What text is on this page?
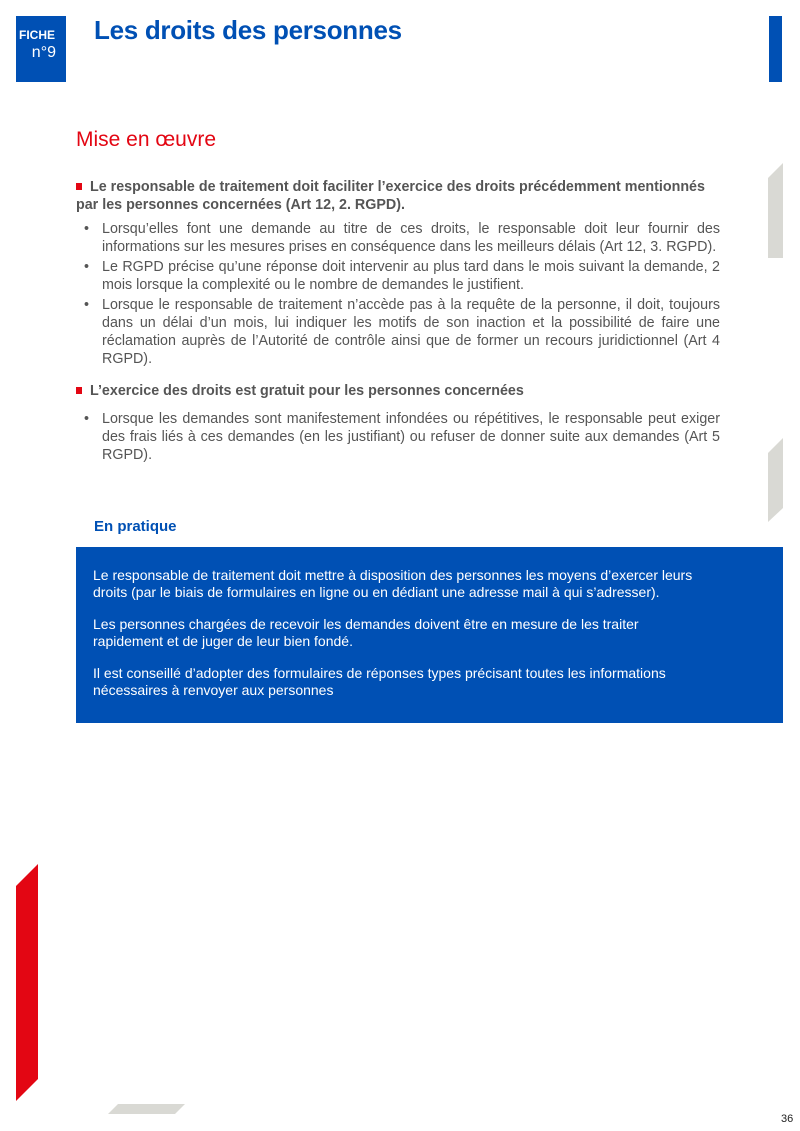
FICHE
n°9
Les droits des personnes
Mise en œuvre
Le responsable de traitement doit faciliter l’exercice des droits précédemment mentionnés par les personnes concernées (Art 12, 2. RGPD).
• Lorsqu’elles font une demande au titre de ces droits, le responsable doit leur fournir des informations sur les mesures prises en conséquence dans les meilleurs délais (Art 12, 3. RGPD).
• Le RGPD précise qu’une réponse doit intervenir au plus tard dans le mois suivant la demande, 2 mois lorsque la complexité ou le nombre de demandes le justifient.
• Lorsque le responsable de traitement n’accède pas à la requête de la personne, il doit, toujours dans un délai d’un mois, lui indiquer les motifs de son inaction et la possibilité de faire une réclamation auprès de l’Autorité de contrôle ainsi que de former un recours juridictionnel (Art 4 RGPD).
L’exercice des droits est gratuit pour les personnes concernées
• Lorsque les demandes sont manifestement infondées ou répétitives, le responsable peut exiger des frais liés à ces demandes (en les justifiant) ou refuser de donner suite aux demandes (Art 5 RGPD).
En pratique

Le responsable de traitement doit mettre à disposition des personnes les moyens d’exercer leurs droits (par le biais de formulaires en ligne ou en dédiant une adresse mail à qui s’adresser).

Les personnes chargées de recevoir les demandes doivent être en mesure de les traiter rapidement et de juger de leur bien fondé.

Il est conseillé d’adopter des formulaires de réponses types précisant toutes les informations nécessaires à renvoyer aux personnes

36
